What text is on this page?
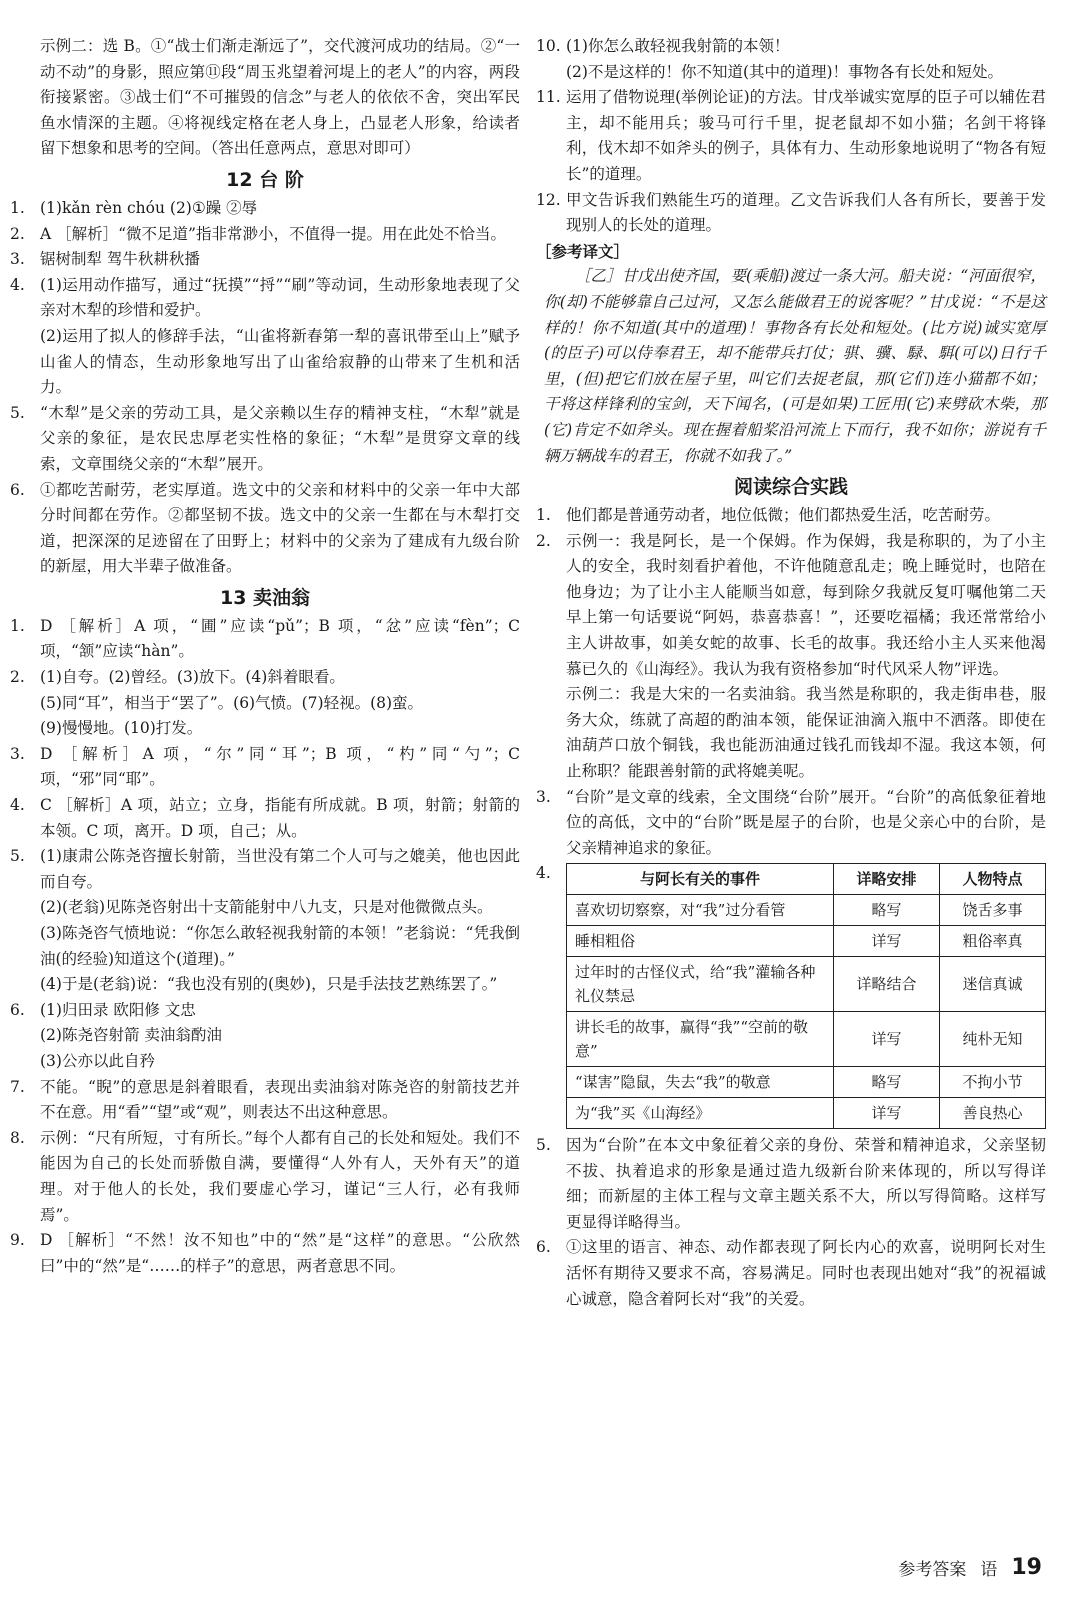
示例二：选 B。①“战士们渐走渐远了”，交代渡河成功的结局。②“一动不动”的身影，照应第⑪段“周玉兆望着河堤上的老人”的内容，两段衔接紧密。③战士们“不可摧毁的信念”与老人的依依不舍，突出军民鱼水情深的主题。④将视线定格在老人身上，凸显老人形象，给读者留下想象和思考的空间。（答出任意两点，意思对即可）
12 台 阶
1. (1)kǎn rèn chóu (2)①躁 ②辱
2. A ［解析］“微不足道”指非常渺小，不值得一提。用在此处不恰当。
3. 锯树制犁 驾牛秋耕秋播
4. (1)运用动作描写，通过“抚摸”“捋”“刷”等动词，生动形象地表现了父亲对木犁的珍惜和爱护。
(2)运用了拟人的修辞手法，“山雀将新春第一犁的喜讯带至山上”赋予山雀人的情态，生动形象地写出了山雀给寂静的山带来了生机和活力。
5. “木犁”是父亲的劳动工具，是父亲赖以生存的精神支柱，“木犁”就是父亲的象征，是农民忠厚老实性格的象征；“木犁”是贯穿文章的线索，文章围绕父亲的“木犁”展开。
6. ①都吃苦耐劳，老实厚道。选文中的父亲和材料中的父亲一年中大部分时间都在劳作。②都坚韧不拔。选文中的父亲一生都在与木犁打交道，把深深的足迹留在了田野上；材料中的父亲为了建成有九级台阶的新屋，用大半辈子做准备。
13 卖油翁
1. D ［解析］A 项，“圃”应读“pǔ”；B 项，“忿”应读“fèn”；C 项，“颔”应读“hàn”。
2. (1)自夸。(2)曾经。(3)放下。(4)斜着眼看。
(5)同“耳”，相当于“罢了”。(6)气愤。(7)轻视。(8)蛮。
(9)慢慢地。(10)打发。
3. D ［解析］A 项，“尔”同“耳”；B 项，“杓”同“勺”；C 项，“邪”同“耶”。
4. C ［解析］A 项，站立；立身，指能有所成就。B 项，射箭；射箭的本领。C 项，离开。D 项，自己；从。
5. (1)康肃公陈尧咨擅长射箭，当世没有第二个人可与之媲美，他也因此而自夸。
(2)(老翁)见陈尧咨射出十支箭能射中八九支，只是对他微微点头。
(3)陈尧咨气愤地说：“你怎么敢轻视我射箭的本领！”老翁说：“凭我倒油(的经验)知道这个(道理)。”
(4)于是(老翁)说：“我也没有别的(奥妙)，只是手法技艺熟练罢了。”
6. (1)归田录 欧阳修 文忠
(2)陈尧咨射箭 卖油翁酌油
(3)公亦以此自矜
7. 不能。“睨”的意思是斜着眼看，表现出卖油翁对陈尧咨的射箭技艺并不在意。用“看”“望”或“观”，则表达不出这种意思。
8. 示例：“尺有所短，寸有所长。”每个人都有自己的长处和短处。我们不能因为自己的长处而骄傲自满，要懂得“人外有人，天外有天”的道理。对于他人的长处，我们要虚心学习，谨记“三人行，必有我师焉”。
9. D ［解析］“不然！汝不知也”中的“然”是“这样”的意思。“公欣然曰”中的“然”是“……的样子”的意思，两者意思不同。
10. (1)你怎么敢轻视我射箭的本领！
(2)不是这样的！你不知道(其中的道理)！事物各有长处和短处。
11. 运用了借物说理(举例论证)的方法。甘戊举诚实宽厚的臣子可以辅佐君主，却不能用兵；骏马可行千里，捉老鼠却不如小猫；名剑干将锋利，伐木却不如斧头的例子，具体有力、生动形象地说明了“物各有短长”的道理。
12. 甲文告诉我们熟能生巧的道理。乙文告诉我们人各有所长，要善于发现别人的长处的道理。
［参考译文］
［乙］甘戊出使齐国，要(乘船)渡过一条大河。船夫说：“河面很窄，你(却)不能够靠自己过河，又怎么能做君王的说客呢？”甘戊说：“不是这样的！你不知道(其中的道理)！事物各有长处和短处。(比方说)诚实宽厚(的臣子)可以侍奉君王，却不能带兵打仗；骐、骥、騄、駬(可以)日行千里，(但)把它们放在屋子里，叫它们去捉老鼠，那(它们)连小猫都不如；干将这样锋利的宝剑，天下闻名，(可是如果)工匠用(它)来劈砍木柴，那(它)肯定不如斧头。现在握着船桨沿河流上下而行，我不如你；游说有千辆万辆战车的君王，你就不如我了。”
阅读综合实践
1. 他们都是普通劳动者，地位低微；他们都热爱生活，吃苦耐劳。
2. 示例一：我是阿长，是一个保姆。作为保姆，我是称职的，为了小主人的安全，我时刻看护着他，不许他随意乱走；晚上睡觉时，也陪在他身边；为了让小主人能顺当如意，每到除夕我就反复叮嘱他第二天早上第一句话要说“阿妈，恭喜恭喜！”，还要吃福橘；我还常常给小主人讲故事，如美女蛇的故事、长毛的故事。我还给小主人买来他渴慕已久的《山海经》。我认为我有资格参加“时代风采人物”评选。
示例二：我是大宋的一名卖油翁。我当然是称职的，我走街串巷，服务大众，练就了高超的酌油本领，能保证油滴入瓶中不洒落。即使在油葫芦口放个铜钱，我也能沥油通过钱孔而钱却不湿。我这本领，何止称职？能跟善射箭的武将媲美呢。
3. “台阶”是文章的线索，全文围绕“台阶”展开。“台阶”的高低象征着地位的高低，文中的“台阶”既是屋子的台阶，也是父亲心中的台阶，是父亲精神追求的象征。
4.	与阿长有关的事件	详略安排	人物特点
喜欢切切察察，对“我”过分看管	略写	饶舌多事
睡相粗俗	详写	粗俗率真
过年时的古怪仪式，给“我”灌输各种礼仪禁忌	详略结合	迷信真诚
讲长毛的故事，赢得“我”“空前的敬意”	详写	纯朴无知
“谋害”隐鼠，失去“我”的敬意	略写	不拘小节
为“我”买《山海经》	详写	善良热心
5. 因为“台阶”在本文中象征着父亲的身份、荣誉和精神追求，父亲坚韧不拔、执着追求的形象是通过造九级新台阶来体现的，所以写得详细；而新屋的主体工程与文章主题关系不大，所以写得简略。这样写更显得详略得当。
6. ①这里的语言、神态、动作都表现了阿长内心的欢喜，说明阿长对生活怀有期待又要求不高，容易满足。同时也表现出她对“我”的祝福诚心诚意，隐含着阿长对“我”的关爱。
参考答案 语 19
